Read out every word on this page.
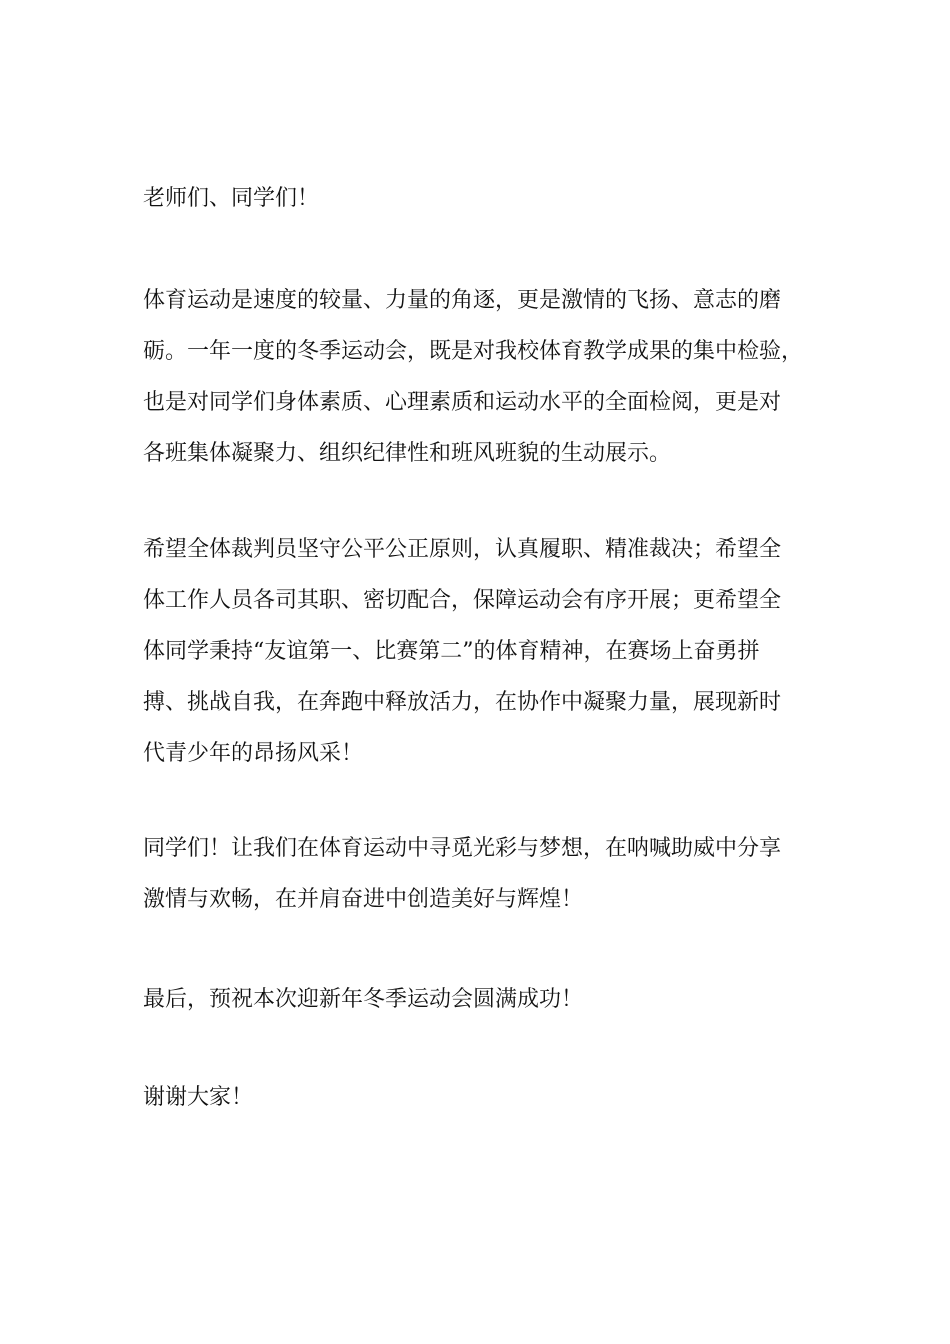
老师们、同学们！

体育运动是速度的较量、力量的角逐，更是激情的飞扬、意志的磨
砺。一年一度的冬季运动会，既是对我校体育教学成果的集中检验，
也是对同学们身体素质、心理素质和运动水平的全面检阅，更是对
各班集体凝聚力、组织纪律性和班风班貌的生动展示。

希望全体裁判员坚守公平公正原则，认真履职、精准裁决；希望全
体工作人员各司其职、密切配合，保障运动会有序开展；更希望全
体同学秉持“友谊第一、比赛第二”的体育精神，在赛场上奋勇拼
搏、挑战自我，在奔跑中释放活力，在协作中凝聚力量，展现新时
代青少年的昂扬风采！

同学们！让我们在体育运动中寻觅光彩与梦想，在呐喊助威中分享
激情与欢畅，在并肩奋进中创造美好与辉煌！

最后，预祝本次迎新年冬季运动会圆满成功！

谢谢大家！
